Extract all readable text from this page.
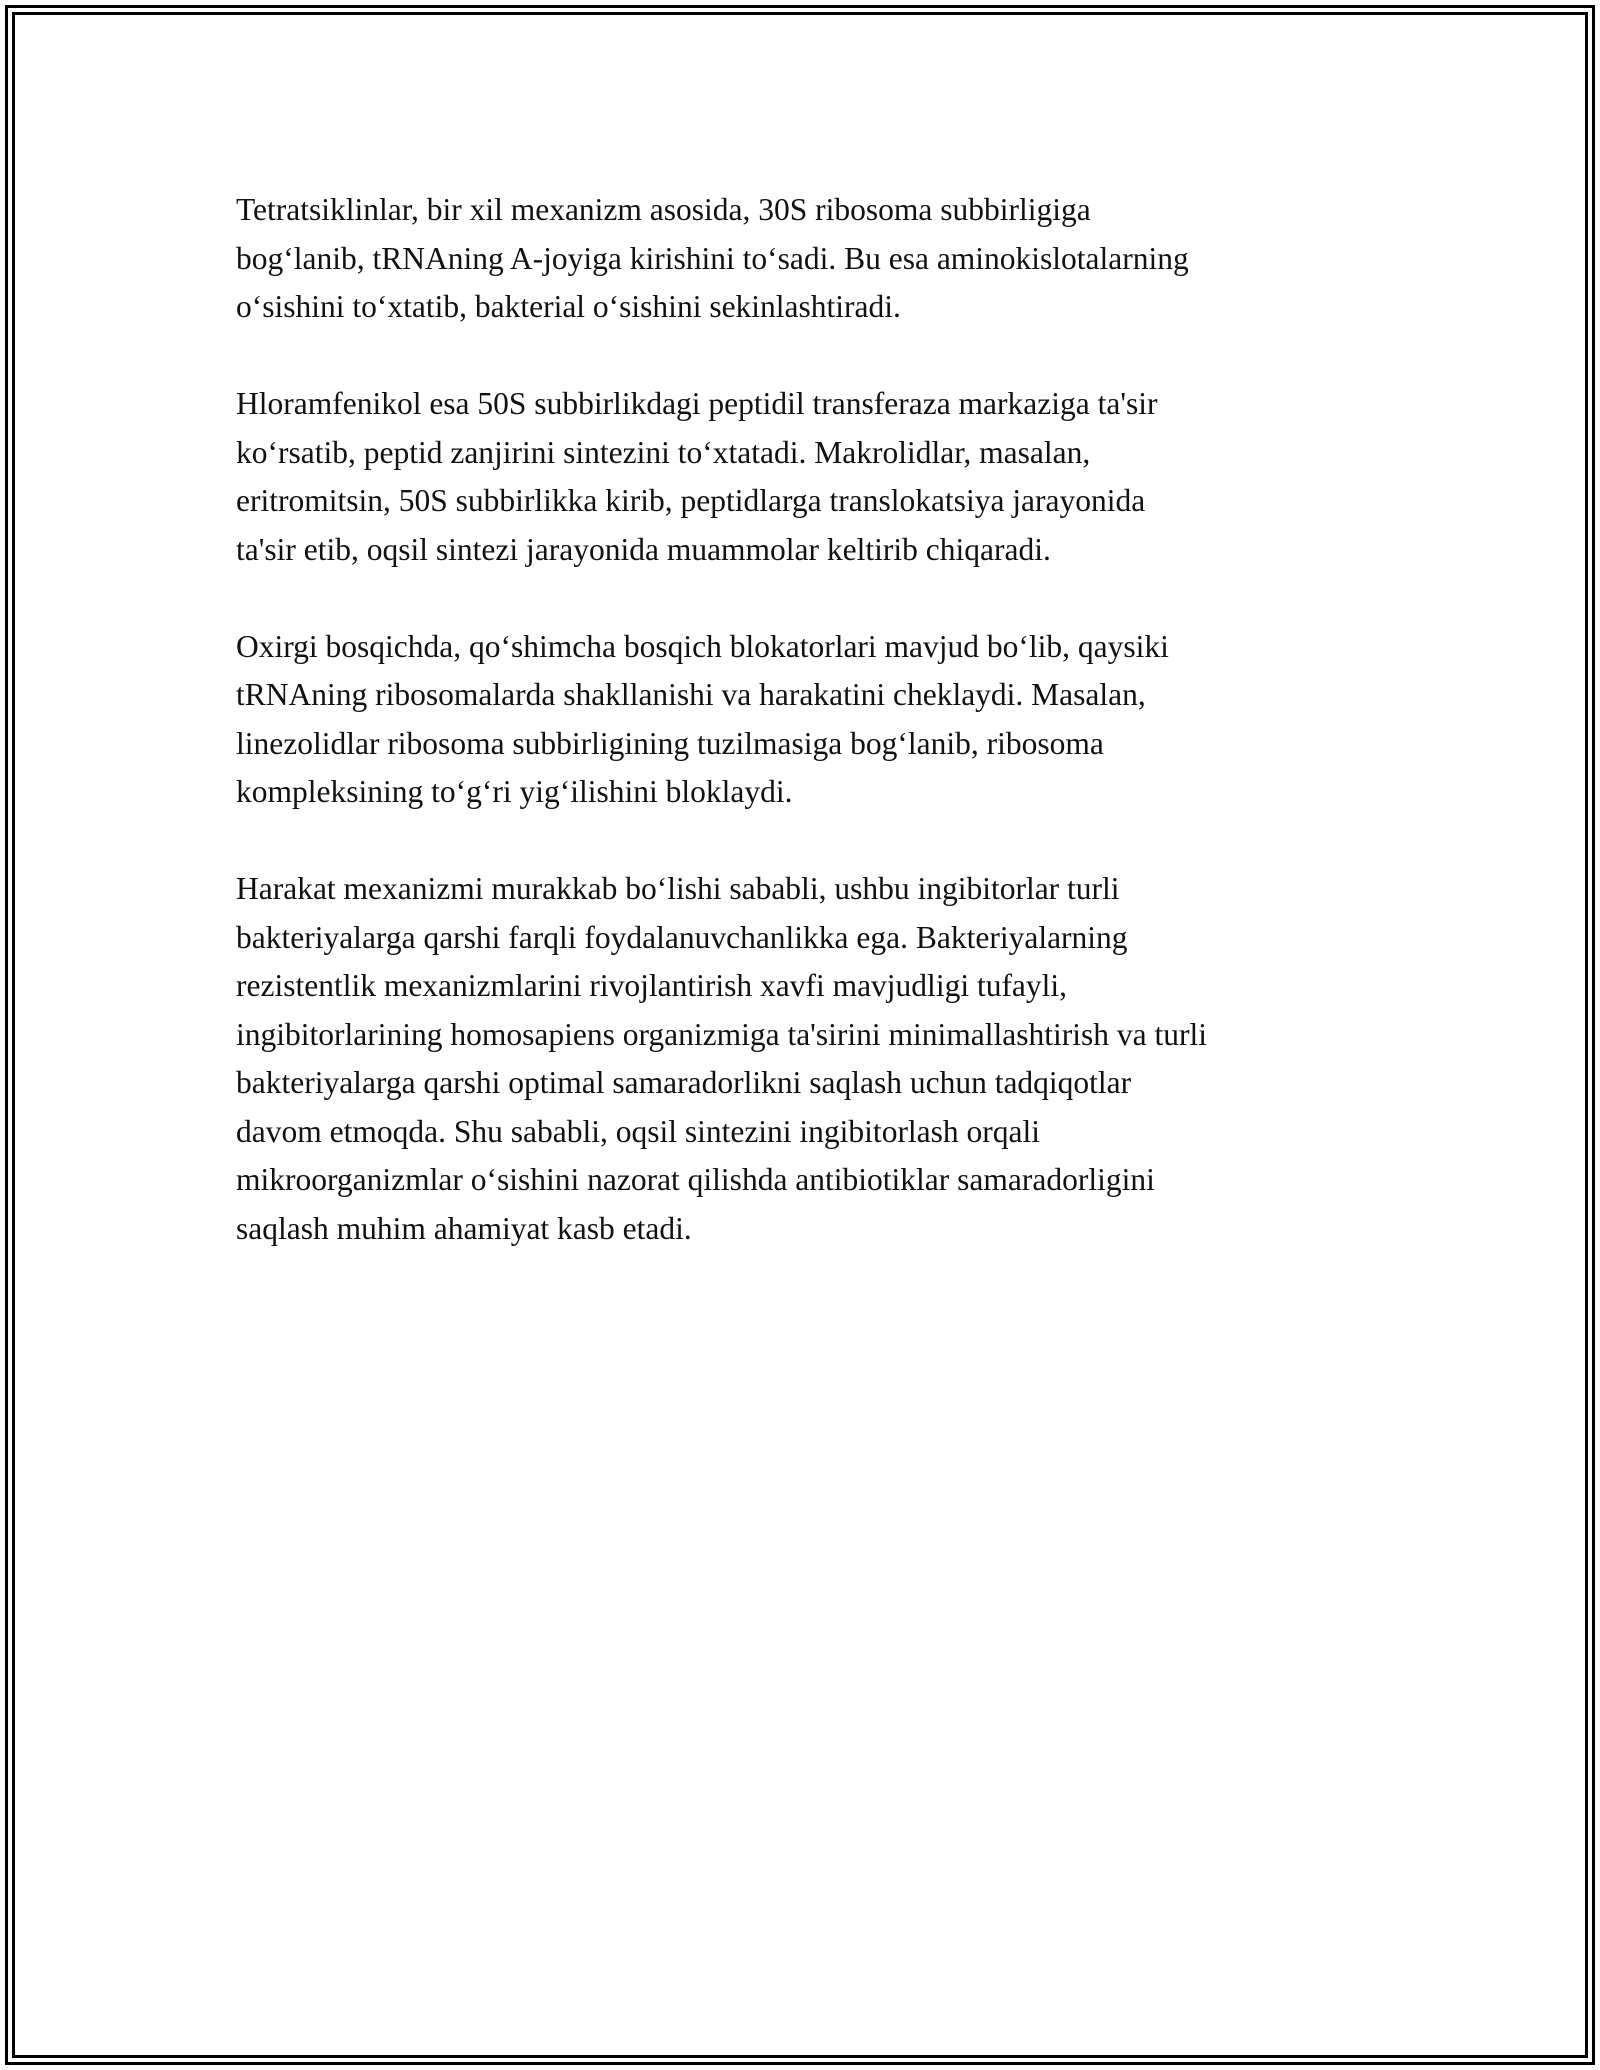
Tetratsiklinlar, bir xil mexanizm asosida, 30S ribosoma subbirligiga
bog‘lanib, tRNAning A-joyiga kirishini to‘sadi. Bu esa aminokislotalarning
o‘sishini to‘xtatib, bakterial o‘sishini sekinlashtiradi.

Hloramfenikol esa 50S subbirlikdagi peptidil transferaza markaziga ta'sir
ko‘rsatib, peptid zanjirini sintezini to‘xtatadi. Makrolidlar, masalan,
eritromitsin, 50S subbirlikka kirib, peptidlarga translokatsiya jarayonida
ta'sir etib, oqsil sintezi jarayonida muammolar keltirib chiqaradi.

Oxirgi bosqichda, qo‘shimcha bosqich blokatorlari mavjud bo‘lib, qaysiki
tRNAning ribosomalarda shakllanishi va harakatini cheklaydi. Masalan,
linezolidlar ribosoma subbirligining tuzilmasiga bog‘lanib, ribosoma
kompleksining to‘g‘ri yig‘ilishini bloklaydi.

Harakat mexanizmi murakkab bo‘lishi sababli, ushbu ingibitorlar turli
bakteriyalarga qarshi farqli foydalanuvchanlikka ega. Bakteriyalarning
rezistentlik mexanizmlarini rivojlantirish xavfi mavjudligi tufayli,
ingibitorlarining homosapiens organizmiga ta'sirini minimallashtirish va turli
bakteriyalarga qarshi optimal samaradorlikni saqlash uchun tadqiqotlar
davom etmoqda. Shu sababli, oqsil sintezini ingibitorlash orqali
mikroorganizmlar o‘sishini nazorat qilishda antibiotiklar samaradorligini
saqlash muhim ahamiyat kasb etadi.
